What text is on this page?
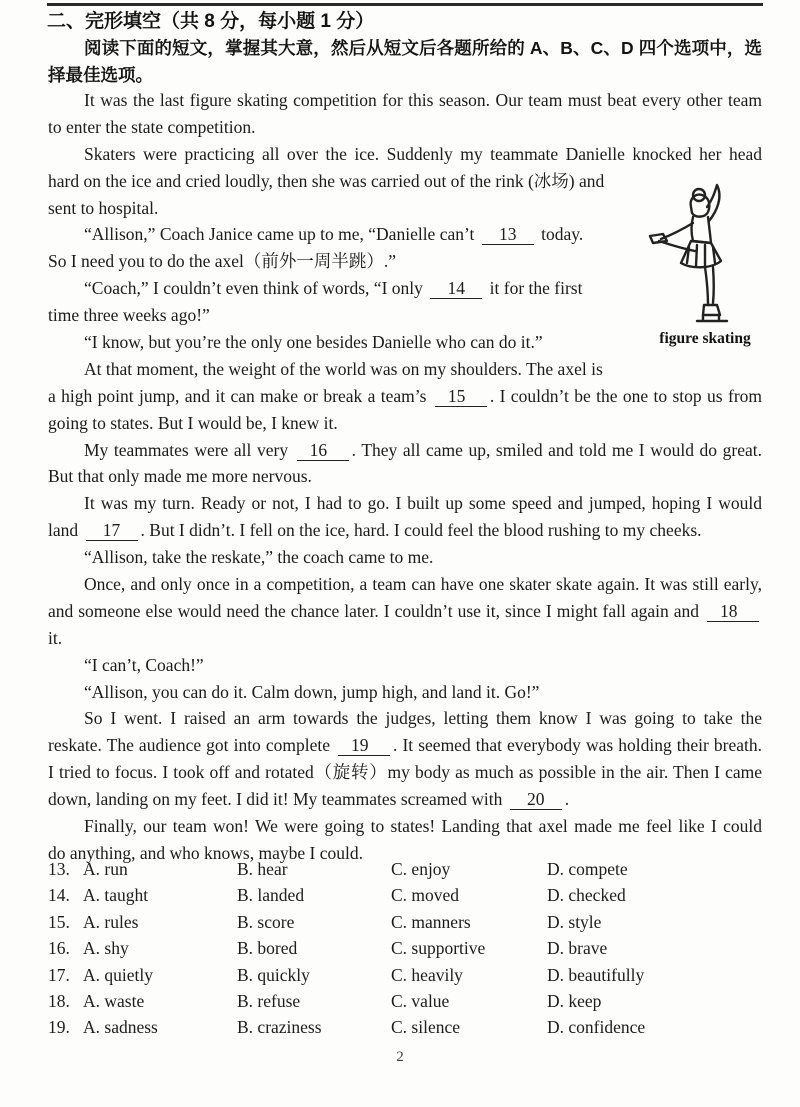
二、完形填空（共 8 分，每小题 1 分）
阅读下面的短文，掌握其大意，然后从短文后各题所给的 A、B、C、D 四个选项中，选
择最佳选项。
It was the last figure skating competition for this season. Our team must beat every other team
to enter the state competition.
Skaters were practicing all over the ice. Suddenly my teammate Danielle knocked her head
hard on the ice and cried loudly, then she was carried out of the rink (冰场) and
sent to hospital.
“Allison,” Coach Janice came up to me, “Danielle can’t 13 today.
So I need you to do the axel（前外一周半跳）.”
“Coach,” I couldn’t even think of words, “I only 14 it for the first
time three weeks ago!”
“I know, but you’re the only one besides Danielle who can do it.”
At that moment, the weight of the world was on my shoulders. The axel is
a high point jump, and it can make or break a team’s 15 . I couldn’t be the one to stop us from
going to states. But I would be, I knew it.
My teammates were all very 16 . They all came up, smiled and told me I would do great.
But that only made me more nervous.
It was my turn. Ready or not, I had to go. I built up some speed and jumped, hoping I would
land 17 . But I didn’t. I fell on the ice, hard. I could feel the blood rushing to my cheeks.
“Allison, take the reskate,” the coach came to me.
Once, and only once in a competition, a team can have one skater skate again. It was still early,
and someone else would need the chance later. I couldn’t use it, since I might fall again and 18
it.
“I can’t, Coach!”
“Allison, you can do it. Calm down, jump high, and land it. Go!”
So I went. I raised an arm towards the judges, letting them know I was going to take the
reskate. The audience got into complete 19 . It seemed that everybody was holding their breath.
I tried to focus. I took off and rotated（旋转）my body as much as possible in the air. Then I came
down, landing on my feet. I did it! My teammates screamed with 20 .
Finally, our team won! We were going to states! Landing that axel made me feel like I could
do anything, and who knows, maybe I could.
figure skating
13. A. run	B. hear	C. enjoy	D. compete
14. A. taught	B. landed	C. moved	D. checked
15. A. rules	B. score	C. manners	D. style
16. A. shy	B. bored	C. supportive	D. brave
17. A. quietly	B. quickly	C. heavily	D. beautifully
18. A. waste	B. refuse	C. value	D. keep
19. A. sadness	B. craziness	C. silence	D. confidence
2
